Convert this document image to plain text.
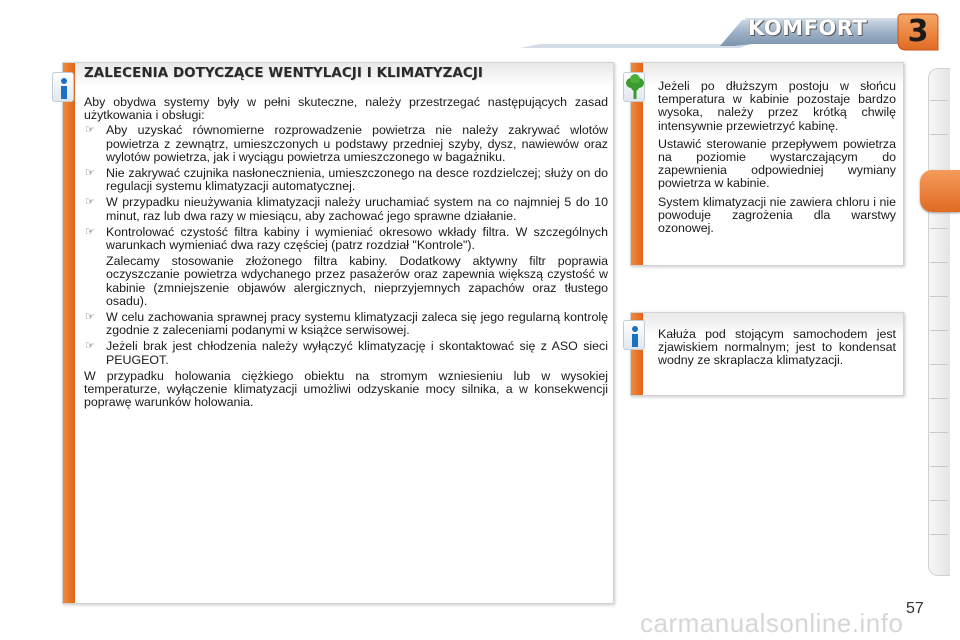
KOMFORT	3
ZALECENIA DOTYCZĄCE WENTYLACJI I KLIMATYZACJI

Aby obydwa systemy były w pełni skuteczne, należy przestrzegać następujących zasad użytkowania i obsługi:

☞ Aby uzyskać równomierne rozprowadzenie powietrza nie należy zakrywać wlotów powietrza z zewnątrz, umieszczonych u podstawy przedniej szyby, dysz, nawiewów oraz wylotów powietrza, jak i wyciągu powietrza umieszczonego w bagażniku.
☞ Nie zakrywać czujnika nasłonecznienia, umieszczonego na desce rozdzielczej; służy on do regulacji systemu klimatyzacji automatycznej.
☞ W przypadku nieużywania klimatyzacji należy uruchamiać system na co najmniej 5 do 10 minut, raz lub dwa razy w miesiącu, aby zachować jego sprawne działanie.
☞ Kontrolować czystość filtra kabiny i wymieniać okresowo wkłady filtra. W szczególnych warunkach wymieniać dwa razy częściej (patrz rozdział "Kontrole").
Zalecamy stosowanie złożonego filtra kabiny. Dodatkowy aktywny filtr poprawia oczyszczanie powietrza wdychanego przez pasażerów oraz zapewnia większą czystość w kabinie (zmniejszenie objawów alergicznych, nieprzyjemnych zapachów oraz tłustego osadu).
☞ W celu zachowania sprawnej pracy systemu klimatyzacji zaleca się jego regularną kontrolę zgodnie z zaleceniami podanymi w książce serwisowej.
☞ Jeżeli brak jest chłodzenia należy wyłączyć klimatyzację i skontaktować się z ASO sieci PEUGEOT.

W przypadku holowania ciężkiego obiektu na stromym wzniesieniu lub w wysokiej temperaturze, wyłączenie klimatyzacji umożliwi odzyskanie mocy silnika, a w konsekwencji poprawę warunków holowania.

Jeżeli po dłuższym postoju w słońcu temperatura w kabinie pozostaje bardzo wysoka, należy przez krótką chwilę intensywnie przewietrzyć kabinę.

Ustawić sterowanie przepływem powietrza na poziomie wystarczającym do zapewnienia odpowiedniej wymiany powietrza w kabinie.

System klimatyzacji nie zawiera chloru i nie powoduje zagrożenia dla warstwy ozonowej.

Kałuża pod stojącym samochodem jest zjawiskiem normalnym; jest to kondensat wodny ze skraplacza klimatyzacji.
carmanualsonline.info 57
